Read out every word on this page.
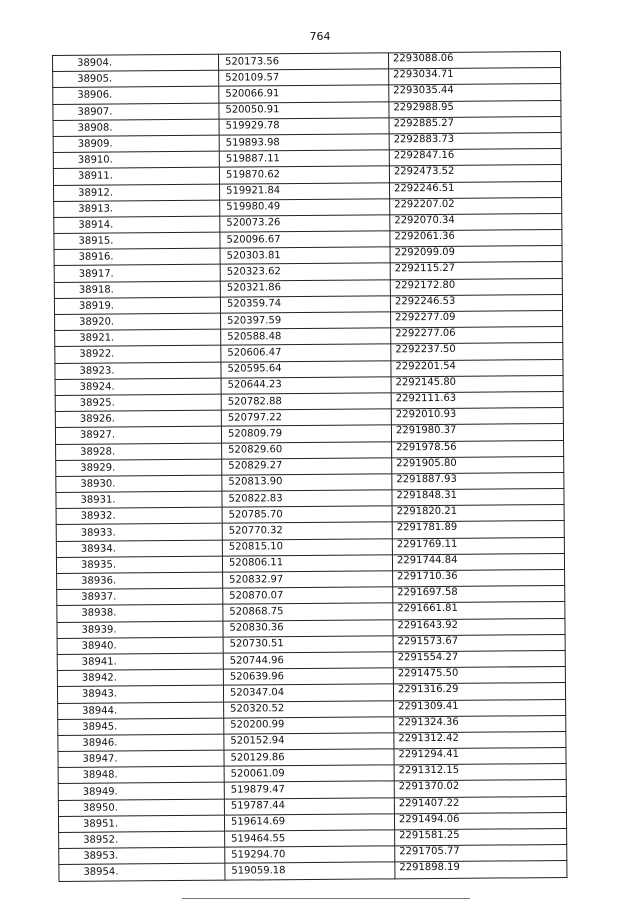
764
38904.	520173.56	2293088.06
38905.	520109.57	2293034.71
38906.	520066.91	2293035.44
38907.	520050.91	2292988.95
38908.	519929.78	2292885.27
38909.	519893.98	2292883.73
38910.	519887.11	2292847.16
38911.	519870.62	2292473.52
38912.	519921.84	2292246.51
38913.	519980.49	2292207.02
38914.	520073.26	2292070.34
38915.	520096.67	2292061.36
38916.	520303.81	2292099.09
38917.	520323.62	2292115.27
38918.	520321.86	2292172.80
38919.	520359.74	2292246.53
38920.	520397.59	2292277.09
38921.	520588.48	2292277.06
38922.	520606.47	2292237.50
38923.	520595.64	2292201.54
38924.	520644.23	2292145.80
38925.	520782.88	2292111.63
38926.	520797.22	2292010.93
38927.	520809.79	2291980.37
38928.	520829.60	2291978.56
38929.	520829.27	2291905.80
38930.	520813.90	2291887.93
38931.	520822.83	2291848.31
38932.	520785.70	2291820.21
38933.	520770.32	2291781.89
38934.	520815.10	2291769.11
38935.	520806.11	2291744.84
38936.	520832.97	2291710.36
38937.	520870.07	2291697.58
38938.	520868.75	2291661.81
38939.	520830.36	2291643.92
38940.	520730.51	2291573.67
38941.	520744.96	2291554.27
38942.	520639.96	2291475.50
38943.	520347.04	2291316.29
38944.	520320.52	2291309.41
38945.	520200.99	2291324.36
38946.	520152.94	2291312.42
38947.	520129.86	2291294.41
38948.	520061.09	2291312.15
38949.	519879.47	2291370.02
38950.	519787.44	2291407.22
38951.	519614.69	2291494.06
38952.	519464.55	2291581.25
38953.	519294.70	2291705.77
38954.	519059.18	2291898.19
